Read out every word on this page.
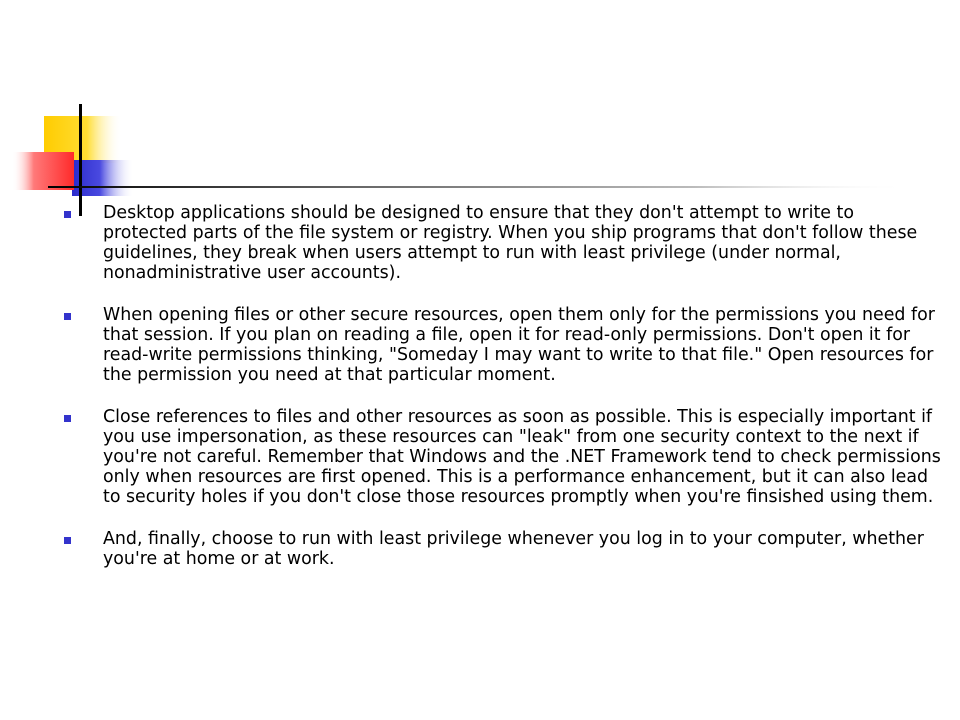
Desktop applications should be designed to ensure that they don't attempt to write to protected parts of the file system or registry. When you ship programs that don't follow these guidelines, they break when users attempt to run with least privilege (under normal, nonadministrative user accounts).

When opening files or other secure resources, open them only for the permissions you need for that session. If you plan on reading a file, open it for read-only permissions. Don't open it for read-write permissions thinking, "Someday I may want to write to that file." Open resources for the permission you need at that particular moment.

Close references to files and other resources as soon as possible. This is especially important if you use impersonation, as these resources can "leak" from one security context to the next if you're not careful. Remember that Windows and the .NET Framework tend to check permissions only when resources are first opened. This is a performance enhancement, but it can also lead to security holes if you don't close those resources promptly when you're finsished using them.

And, finally, choose to run with least privilege whenever you log in to your computer, whether you're at home or at work.
